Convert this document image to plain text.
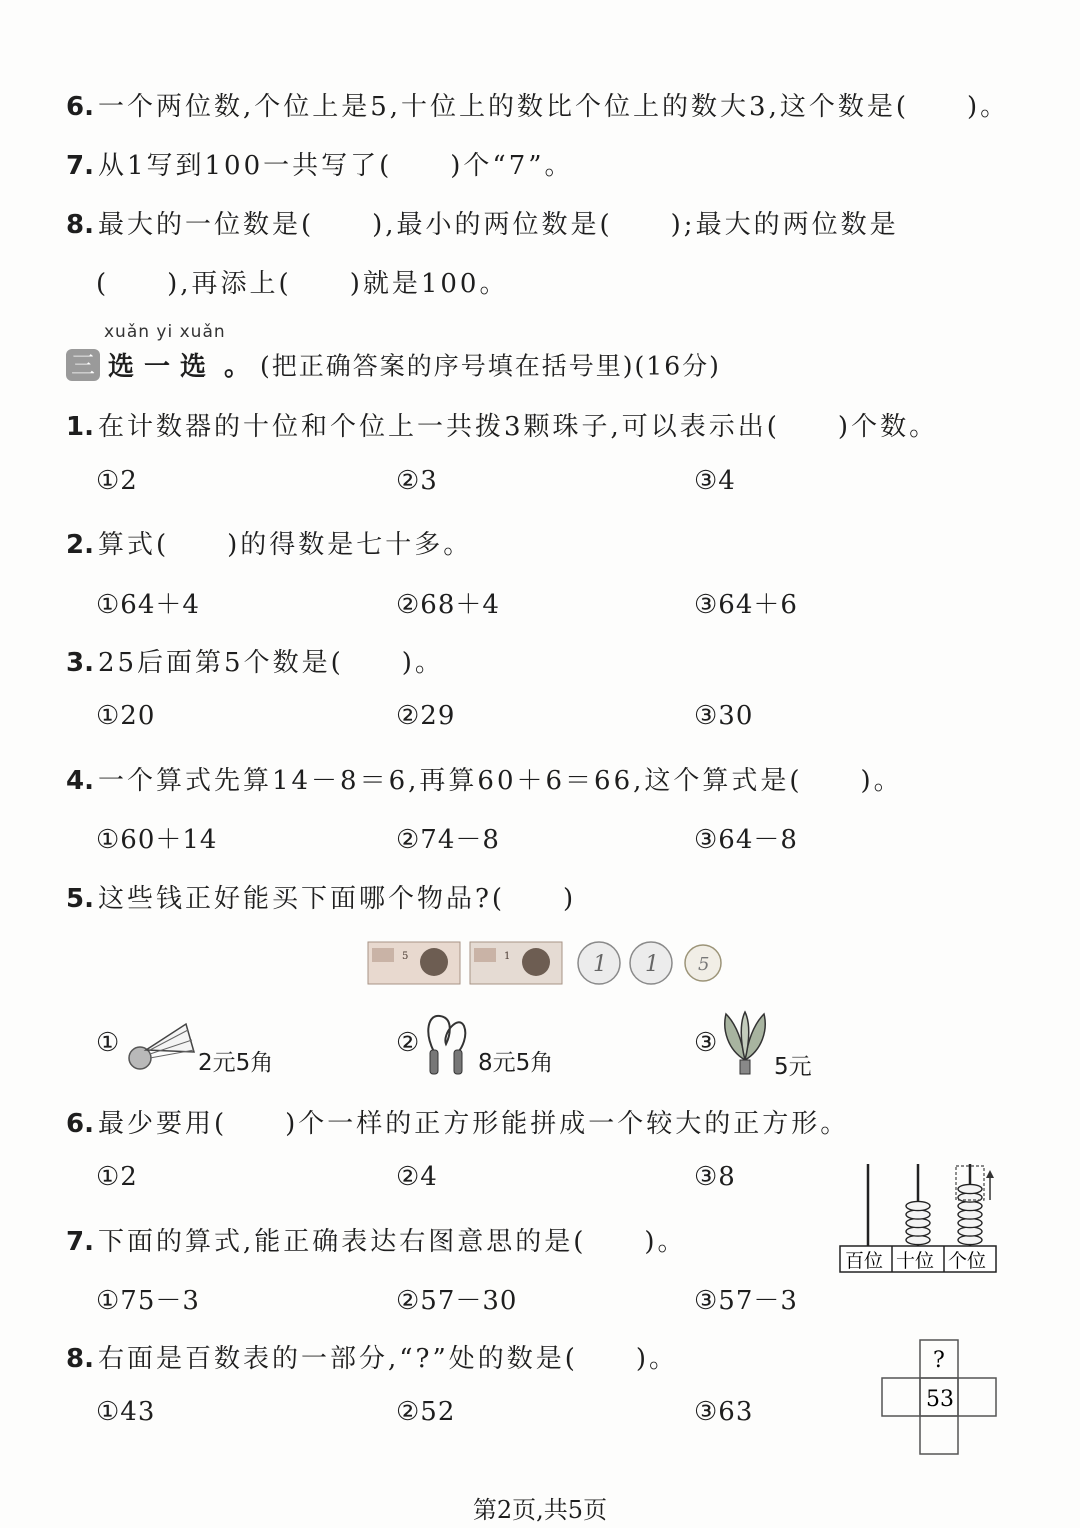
6. 一个两位数,个位上是5,十位上的数比个位上的数大3,这个数是(　　)。
7. 从1写到100一共写了(　　)个“7”。
8. 最大的一位数是(　　),最小的两位数是(　　);最大的两位数是
(　　),再添上(　　)就是100。
xuǎn yi xuǎn
三 选一选 。(把正确答案的序号填在括号里)(16分)
1. 在计数器的十位和个位上一共拨3颗珠子,可以表示出(　　)个数。
①2	②3	③4
2. 算式(　　)的得数是七十多。
①64＋4	②68＋4	③64＋6
3. 25后面第5个数是(　　)。
①20	②29	③30
4. 一个算式先算14－8＝6,再算60＋6＝66,这个算式是(　　)。
①60＋14	②74－8	③64－8
5. 这些钱正好能买下面哪个物品?(　　)
5	1	1 1 5
①
2元5角
②
8元5角
③
5元
6. 最少要用(　　)个一样的正方形能拼成一个较大的正方形。
①2	②4	③8
7. 下面的算式,能正确表达右图意思的是(　　)。
①75－3	②57－30	③57－3
百位 十位 个位
8. 右面是百数表的一部分,“?”处的数是(　　)。
①43	②52	③63
?
53
第2页,共5页
